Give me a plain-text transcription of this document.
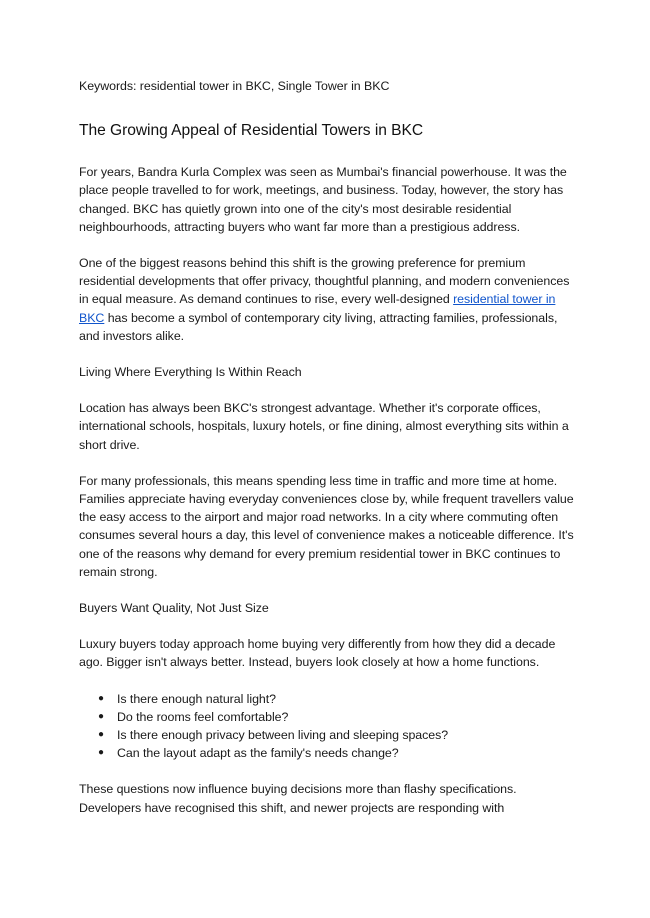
Keywords: residential tower in BKC, Single Tower in BKC

The Growing Appeal of Residential Towers in BKC

For years, Bandra Kurla Complex was seen as Mumbai's financial powerhouse. It was the place people travelled to for work, meetings, and business. Today, however, the story has changed. BKC has quietly grown into one of the city's most desirable residential neighbourhoods, attracting buyers who want far more than a prestigious address.

One of the biggest reasons behind this shift is the growing preference for premium residential developments that offer privacy, thoughtful planning, and modern conveniences in equal measure. As demand continues to rise, every well-designed residential tower in BKC has become a symbol of contemporary city living, attracting families, professionals, and investors alike.

Living Where Everything Is Within Reach

Location has always been BKC's strongest advantage. Whether it's corporate offices, international schools, hospitals, luxury hotels, or fine dining, almost everything sits within a short drive.

For many professionals, this means spending less time in traffic and more time at home. Families appreciate having everyday conveniences close by, while frequent travellers value the easy access to the airport and major road networks. In a city where commuting often consumes several hours a day, this level of convenience makes a noticeable difference. It's one of the reasons why demand for every premium residential tower in BKC continues to remain strong.

Buyers Want Quality, Not Just Size

Luxury buyers today approach home buying very differently from how they did a decade ago. Bigger isn't always better. Instead, buyers look closely at how a home functions.

● Is there enough natural light?
● Do the rooms feel comfortable?
● Is there enough privacy between living and sleeping spaces?
● Can the layout adapt as the family's needs change?

These questions now influence buying decisions more than flashy specifications. Developers have recognised this shift, and newer projects are responding with
